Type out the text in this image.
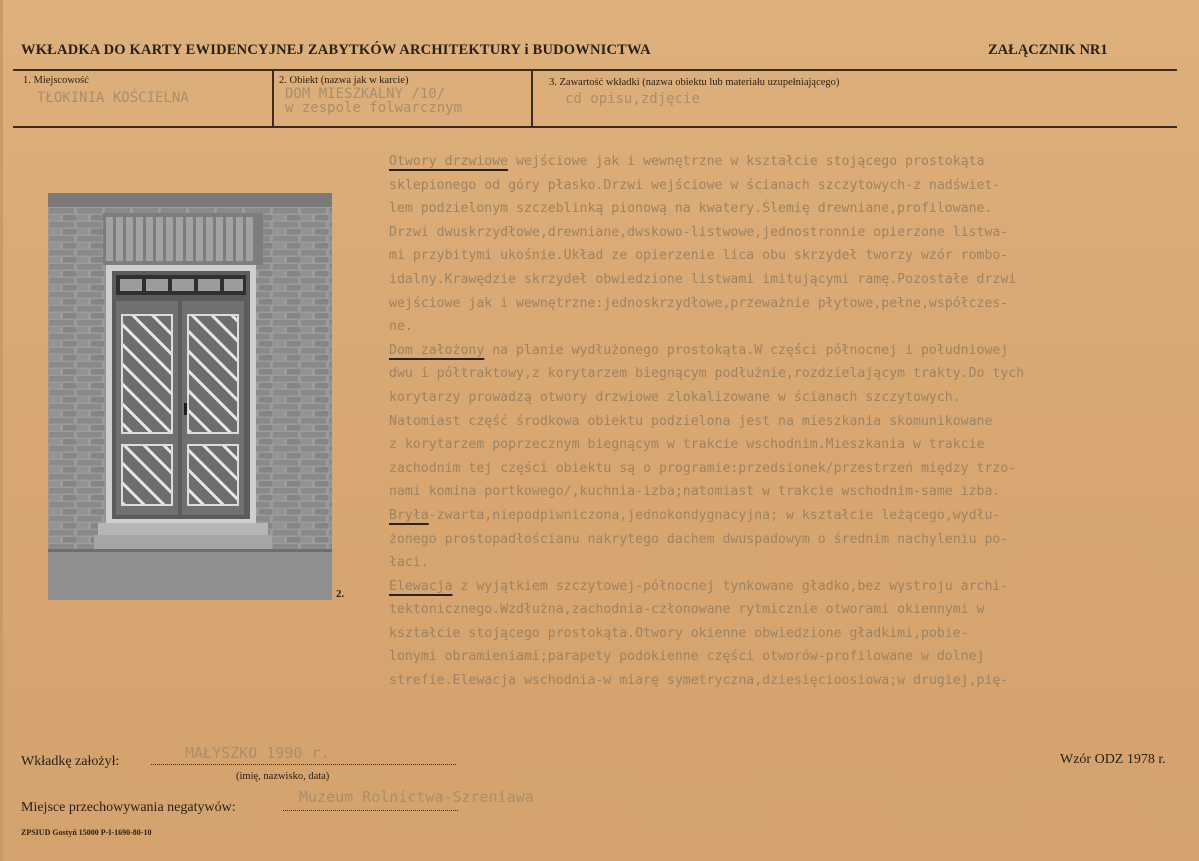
WKŁADKA DO KARTY EWIDENCYJNEJ ZABYTKÓW ARCHITEKTURY i BUDOWNICTWA	ZAŁĄCZNIK NR1
1. Miejscowość
TŁOKINIA KOŚCIELNA
2. Obiekt (nazwa jak w karcie)
DOM MIESZKALNY /10/
w zespole folwarcznym
3. Zawartość wkładki (nazwa obiektu lub materiału uzupełniającego)
cd opisu,zdjęcie
2.
Otwory drzwiowe wejściowe jak i wewnętrzne w kształcie stojącego prostokąta
sklepionego od góry płasko.Drzwi wejściowe w ścianach szczytowych-z nadświet-
lem podzielonym szczeblinką pionową na kwatery.Ślemię drewniane,profilowane.
Drzwi dwuskrzydłowe,drewniane,dwskowo-listwowe,jednostronnie opierzone listwa-
mi przybitymi ukośnie.Układ ze opierzenie lica obu skrzydeł tworzy wzór rombo-
idalny.Krawędzie skrzydeł obwiedzione listwami imitującymi ramę.Pozostałe drzwi
wejściowe jak i wewnętrzne:jednoskrzydłowe,przeważnie płytowe,pełne,współczes-
ne.
Dom założony na planie wydłużonego prostokąta.W części północnej i południowej
dwu i półtraktowy,z korytarzem biegnącym podłużnie,rozdzielającym trakty.Do tych
korytarzy prowadzą otwory drzwiowe zlokalizowane w ścianach szczytowych.
Natomiast część środkowa obiektu podzielona jest na mieszkania skomunikowane
z korytarzem poprzecznym biegnącym w trakcie wschodnim.Mieszkania w trakcie
zachodnim tej części obiektu są o programie:przedsionek/przestrzeń między trzo-
nami komina portkowego/,kuchnia-izba;natomiast w trakcie wschodnim-same izba.
Bryła-zwarta,niepodpiwniczona,jednokondygnacyjna; w kształcie leżącego,wydłu-
żonego prostopadłościanu nakrytego dachem dwuspadowym o średnim nachyleniu po-
łaci.
Elewacja z wyjątkiem szczytowej-północnej tynkowane gładko,bez wystroju archi-
tektonicznego.Wzdłużna,zachodnia-członowane rytmicznie otworami okiennymi w
kształcie stojącego prostokąta.Otwory okienne obwiedzione gładkimi,pobie-
lonymi obramieniami;parapety podokienne części otworów-profilowane w dolnej
strefie.Elewacja wschodnia-w miarę symetryczna,dziesięcioosiowa;w drugiej,pię-
Wkładkę założył:	MAŁYSZKO 1990 r.
(imię, nazwisko, data)
Wzór ODZ 1978 r.
Miejsce przechowywania negatywów:
Muzeum Rolnictwa-Szreniawa
ZPSIUD Gostyń 15000 P-I-1690-80-10
